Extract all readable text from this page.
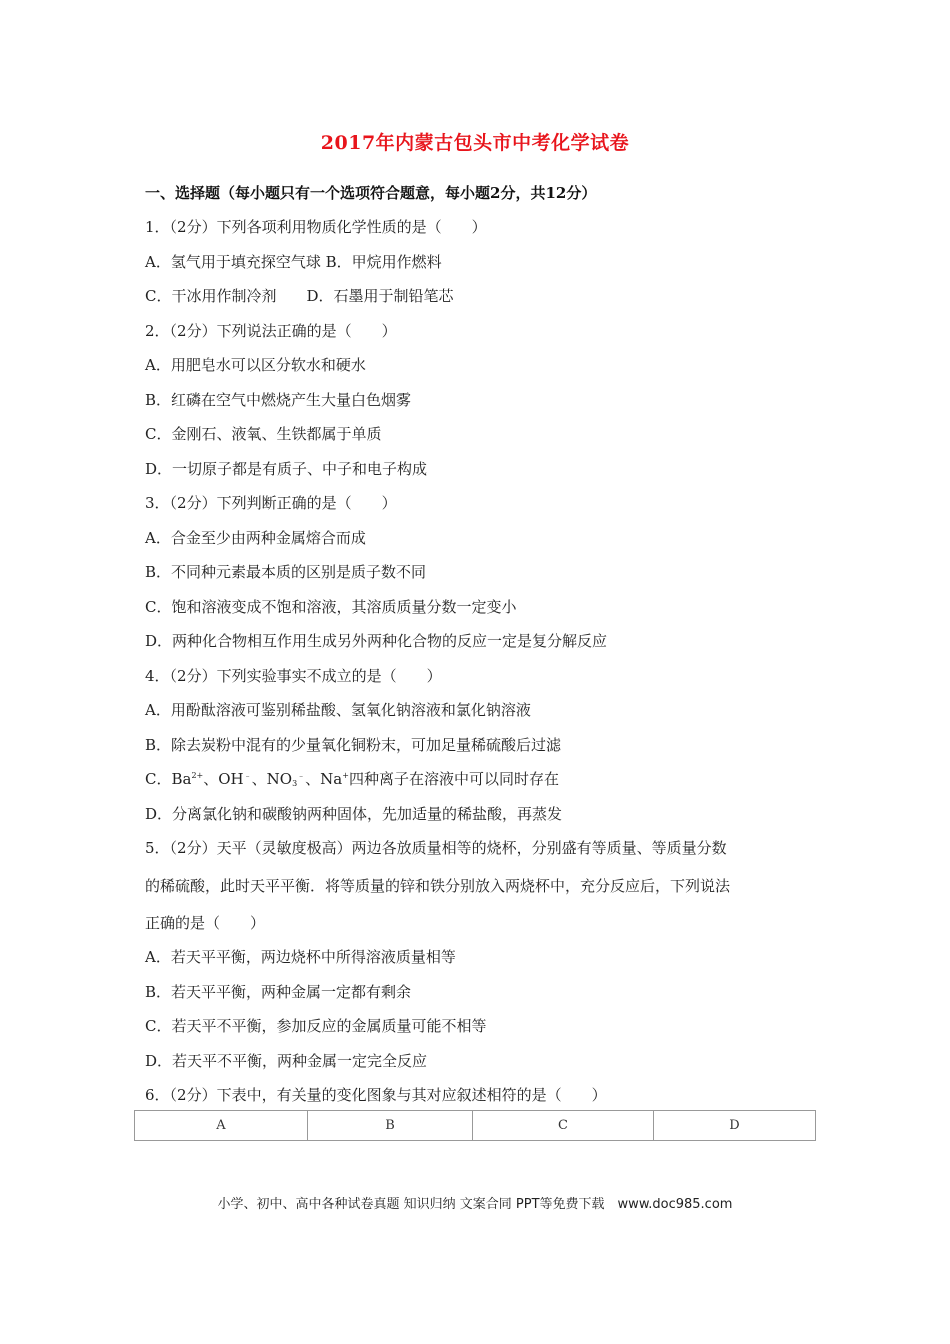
2017年内蒙古包头市中考化学试卷
一、选择题（每小题只有一个选项符合题意，每小题2分，共12分）
1．（2分）下列各项利用物质化学性质的是（　　）
A．氢气用于填充探空气球 B．甲烷用作燃料
C．干冰用作制冷剂　　D．石墨用于制铅笔芯
2．（2分）下列说法正确的是（　　）
A．用肥皂水可以区分软水和硬水
B．红磷在空气中燃烧产生大量白色烟雾
C．金刚石、液氧、生铁都属于单质
D．一切原子都是有质子、中子和电子构成
3．（2分）下列判断正确的是（　　）
A．合金至少由两种金属熔合而成
B．不同种元素最本质的区别是质子数不同
C．饱和溶液变成不饱和溶液，其溶质质量分数一定变小
D．两种化合物相互作用生成另外两种化合物的反应一定是复分解反应
4．（2分）下列实验事实不成立的是（　　）
A．用酚酞溶液可鉴别稀盐酸、氢氧化钠溶液和氯化钠溶液
B．除去炭粉中混有的少量氧化铜粉末，可加足量稀硫酸后过滤
C．$Ba^{2+}$、OH﹣、$NO_3^﹣$、Na+四种离子在溶液中可以同时存在
D．分离氯化钠和碳酸钠两种固体，先加适量的稀盐酸，再蒸发
5．（2分）天平（灵敏度极高）两边各放质量相等的烧杯，分别盛有等质量、等质量分数
的稀硫酸，此时天平平衡．将等质量的锌和铁分别放入两烧杯中，充分反应后，下列说法
正确的是（　　）
A．若天平平衡，两边烧杯中所得溶液质量相等
B．若天平平衡，两种金属一定都有剩余
C．若天平不平衡，参加反应的金属质量可能不相等
D．若天平不平衡，两种金属一定完全反应
6．（2分）下表中，有关量的变化图象与其对应叙述相符的是（　　）
A	B	C	D
小学、初中、高中各种试卷真题 知识归纳 文案合同 PPT等免费下载　www.doc985.com
